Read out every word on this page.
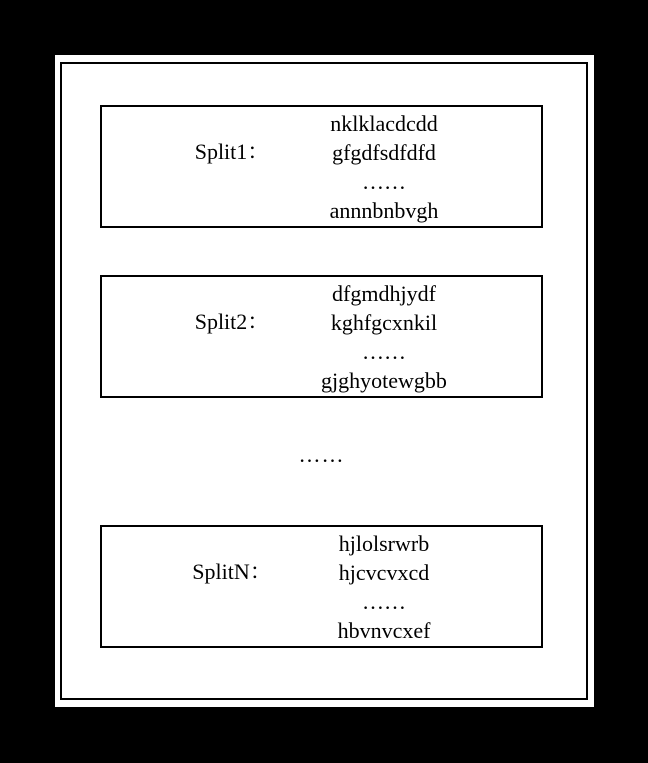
Split1：
nklklacdcdd
gfgdfsdfdfd
……
annnbnbvgh
Split2：
dfgmdhjydf
kghfgcxnkil
……
gjghyotewgbb
……
SplitN：
hjlolsrwrb
hjcvcvxcd
……
hbvnvcxef
